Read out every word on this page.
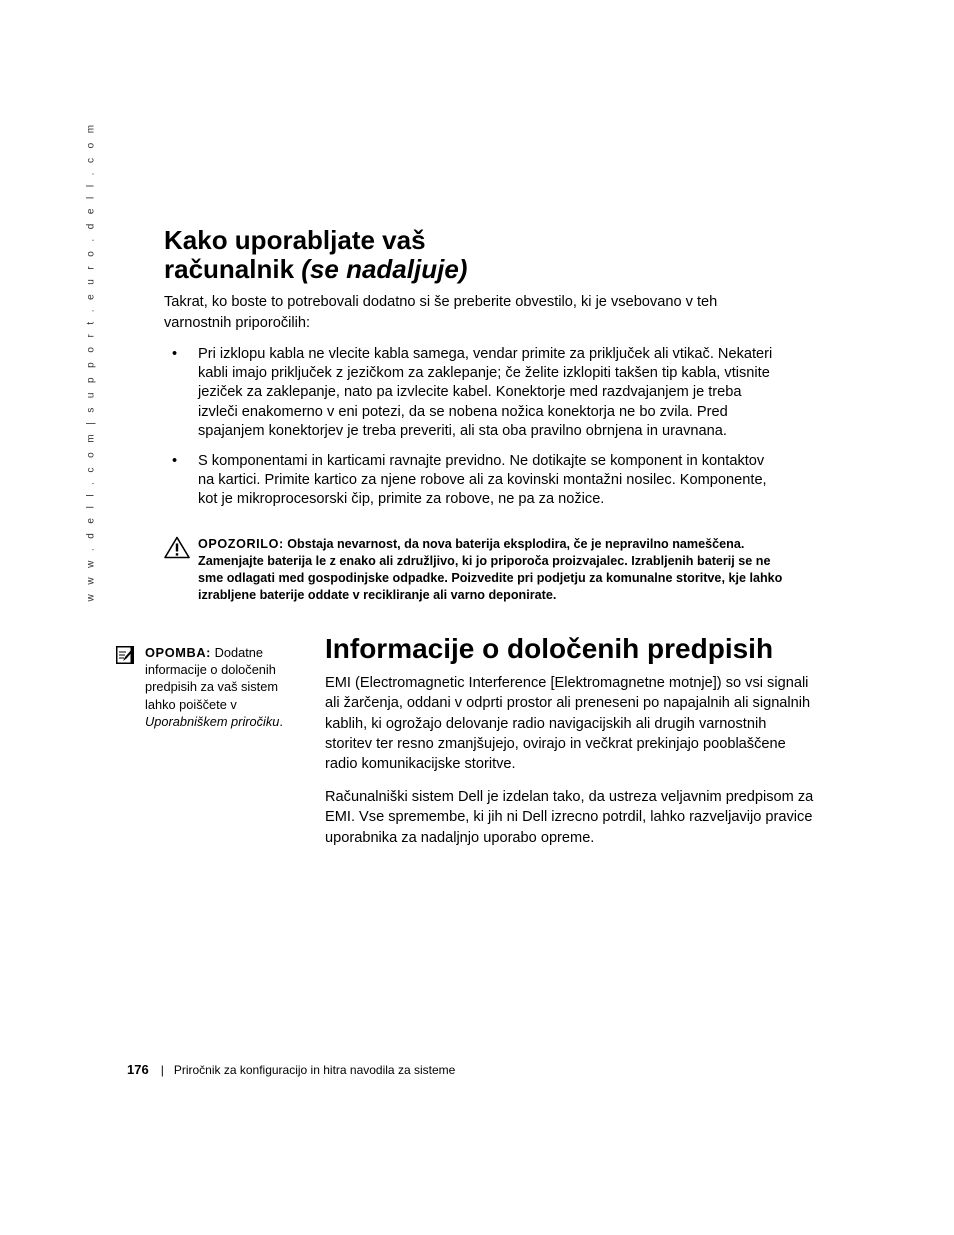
w w w . d e l l . c o m | s u p p o r t . e u r o . d e l l . c o m	Kako uporabljate vaš
računalnik (se nadaljuje)

Takrat, ko boste to potrebovali dodatno si še preberite obvestilo, ki je vsebovano v teh varnostnih priporočilih:

• Pri izklopu kabla ne vlecite kabla samega, vendar primite za priključek ali vtikač. Nekateri kabli imajo priključek z jezičkom za zaklepanje; če želite izklopiti takšen tip kabla, vtisnite jeziček za zaklepanje, nato pa izvlecite kabel. Konektorje med razdvajanjem je treba izvleči enakomerno v eni potezi, da se nobena nožica konektorja ne bo zvila. Pred spajanjem konektorjev je treba preveriti, ali sta oba pravilno obrnjena in uravnana.
• S komponentami in karticami ravnajte previdno. Ne dotikajte se komponent in kontaktov na kartici. Primite kartico za njene robove ali za kovinski montažni nosilec. Komponente, kot je mikroprocesorski čip, primite za robove, ne pa za nožice.

OPOZORILO: Obstaja nevarnost, da nova baterija eksplodira, če je nepravilno nameščena. Zamenjajte baterija le z enako ali združljivo, ki jo priporoča proizvajalec. Izrabljenih baterij se ne sme odlagati med gospodinjske odpadke. Poizvedite pri podjetju za komunalne storitve, kje lahko izrabljene baterije oddate v recikliranje ali varno deponirate.

OPOMBA: Dodatne informacije o določenih predpisih za vaš sistem lahko poiščete v Uporabniškem priročiku.

Informacije o določenih predpisih

EMI (Electromagnetic Interference [Elektromagnetne motnje]) so vsi signali ali žarčenja, oddani v odprti prostor ali preneseni po napajalnih ali signalnih kablih, ki ogrožajo delovanje radio navigacijskih ali drugih varnostnih storitev ter resno zmanjšujejo, ovirajo in večkrat prekinjajo pooblaščene radio komunikacijske storitve.

Računalniški sistem Dell je izdelan tako, da ustreza veljavnim predpisom za EMI. Vse spremembe, ki jih ni Dell izrecno potrdil, lahko razveljavijo pravice uporabnika za nadaljnjo uporabo opreme.

176 | Priročnik za konfiguracijo in hitra navodila za sisteme
